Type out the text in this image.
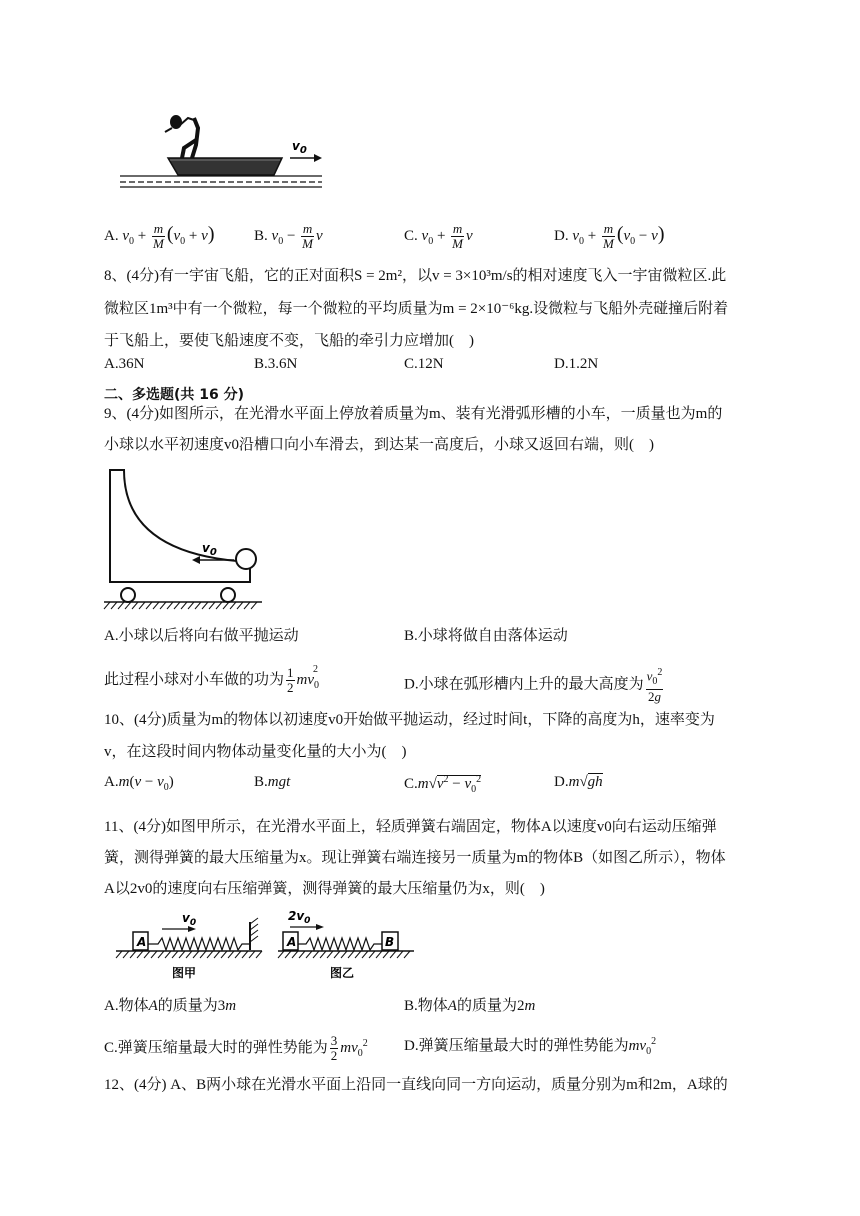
$v_0$
A. $v_0 + \frac{m}{M} (v_0 + v)$	B. $v_0 - \frac{m}{M}$ v	C. $v_0 + \frac{m}{M}$ v	D. $v_0 + \frac{m}{M} (v_0 - v)$
8、(4分)有一宇宙飞船，它的正对面积S = 2m²，以v = 3×10³m/s的相对速度飞入一宇宙微粒区.此
微粒区1m³中有一个微粒，每一个微粒的平均质量为m = 2×10⁻⁶kg.设微粒与飞船外壳碰撞后附着
于飞船上，要使飞船速度不变，飞船的牵引力应增加(　)
A.36N	B.3.6N	C.12N	D.1.2N
二、多选题(共 16 分)
9、(4分)如图所示，在光滑水平面上停放着质量为m、装有光滑弧形槽的小车，一质量也为m的
小球以水平初速度v0沿槽口向小车滑去，到达某一高度后，小球又返回右端，则(　)
$v_0$
A.小球以后将向右做平抛运动	B.小球将做自由落体运动
此过程小球对小车做的功为 $\frac{1}{2} mv_0^2$
D.小球在弧形槽内上升的最大高度为 $\frac{v_0^2}{2g}$
10、(4分)质量为m的物体以初速度v0开始做平抛运动，经过时间t，下降的高度为h，速率变为
v，在这段时间内物体动量变化量的大小为(　)
$A.m(v - v_0)$	B.mgt	$C.m√v^2 - v_0^2$	D.m√gh
11、(4分)如图甲所示，在光滑水平面上，轻质弹簧右端固定，物体A以速度v0向右运动压缩弹
簧，测得弹簧的最大压缩量为x。现让弹簧右端连接另一质量为m的物体B（如图乙所示），物体
A以2v0的速度向右压缩弹簧，测得弹簧的最大压缩量仍为x，则(　)
A
$v_0$
图甲
A
$2v_0$
B
图乙
A.物体A的质量为3m	B.物体A的质量为2m
C.弹簧压缩量最大时的弹性势能为 $\frac{3}{2} mv_0^2$ D.弹簧压缩量最大时的弹性势能为$mv_0^2$
12、(4分) A、B两小球在光滑水平面上沿同一直线向同一方向运动，质量分别为m和2m，A球的
